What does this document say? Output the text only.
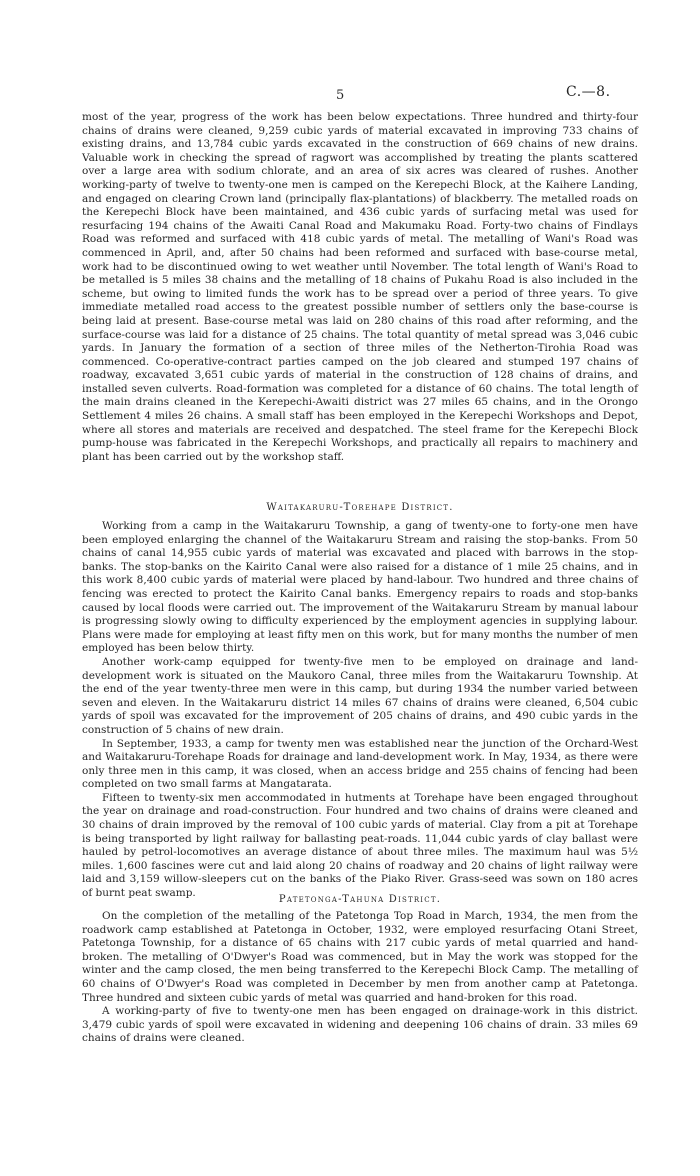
5	C.—8.

most of the year, progress of the work has been below expectations. Three hundred and thirty-four chains of drains were cleaned, 9,259 cubic yards of material excavated in improving 733 chains of existing drains, and 13,784 cubic yards excavated in the construction of 669 chains of new drains. Valuable work in checking the spread of ragwort was accomplished by treating the plants scattered over a large area with sodium chlorate, and an area of six acres was cleared of rushes. Another working-party of twelve to twenty-one men is camped on the Kerepechi Block, at the Kaihere Landing, and engaged on clearing Crown land (principally flax-plantations) of blackberry. The metalled roads on the Kerepechi Block have been maintained, and 436 cubic yards of surfacing metal was used for resurfacing 194 chains of the Awaiti Canal Road and Makumaku Road. Forty-two chains of Findlays Road was reformed and surfaced with 418 cubic yards of metal. The metalling of Wani's Road was commenced in April, and, after 50 chains had been reformed and surfaced with base-course metal, work had to be discontinued owing to wet weather until November. The total length of Wani's Road to be metalled is 5 miles 38 chains and the metalling of 18 chains of Pukahu Road is also included in the scheme, but owing to limited funds the work has to be spread over a period of three years. To give immediate metalled road access to the greatest possible number of settlers only the base-course is being laid at present. Base-course metal was laid on 280 chains of this road after reforming, and the surface-course was laid for a distance of 25 chains. The total quantity of metal spread was 3,046 cubic yards. In January the formation of a section of three miles of the Netherton-Tirohia Road was commenced. Co-operative-contract parties camped on the job cleared and stumped 197 chains of roadway, excavated 3,651 cubic yards of material in the construction of 128 chains of drains, and installed seven culverts. Road-formation was completed for a distance of 60 chains. The total length of the main drains cleaned in the Kerepechi-Awaiti district was 27 miles 65 chains, and in the Orongo Settlement 4 miles 26 chains. A small staff has been employed in the Kerepechi Workshops and Depot, where all stores and materials are received and despatched. The steel frame for the Kerepechi Block pump-house was fabricated in the Kerepechi Workshops, and practically all repairs to machinery and plant has been carried out by the workshop staff.

Waitakaruru-Torehape District.

Working from a camp in the Waitakaruru Township, a gang of twenty-one to forty-one men have been employed enlarging the channel of the Waitakaruru Stream and raising the stop-banks. From 50 chains of canal 14,955 cubic yards of material was excavated and placed with barrows in the stop-banks. The stop-banks on the Kairito Canal were also raised for a distance of 1 mile 25 chains, and in this work 8,400 cubic yards of material were placed by hand-labour. Two hundred and three chains of fencing was erected to protect the Kairito Canal banks. Emergency repairs to roads and stop-banks caused by local floods were carried out. The improvement of the Waitakaruru Stream by manual labour is progressing slowly owing to difficulty experienced by the employment agencies in supplying labour. Plans were made for employing at least fifty men on this work, but for many months the number of men employed has been below thirty.

Another work-camp equipped for twenty-five men to be employed on drainage and land-development work is situated on the Maukoro Canal, three miles from the Waitakaruru Township. At the end of the year twenty-three men were in this camp, but during 1934 the number varied between seven and eleven. In the Waitakaruru district 14 miles 67 chains of drains were cleaned, 6,504 cubic yards of spoil was excavated for the improvement of 205 chains of drains, and 490 cubic yards in the construction of 5 chains of new drain.

In September, 1933, a camp for twenty men was established near the junction of the Orchard-West and Waitakaruru-Torehape Roads for drainage and land-development work. In May, 1934, as there were only three men in this camp, it was closed, when an access bridge and 255 chains of fencing had been completed on two small farms at Mangatarata.

Fifteen to twenty-six men accommodated in hutments at Torehape have been engaged throughout the year on drainage and road-construction. Four hundred and two chains of drains were cleaned and 30 chains of drain improved by the removal of 100 cubic yards of material. Clay from a pit at Torehape is being transported by light railway for ballasting peat-roads. 11,044 cubic yards of clay ballast were hauled by petrol-locomotives an average distance of about three miles. The maximum haul was 5½ miles. 1,600 fascines were cut and laid along 20 chains of roadway and 20 chains of light railway were laid and 3,159 willow-sleepers cut on the banks of the Piako River. Grass-seed was sown on 180 acres of burnt peat swamp.

Patetonga-Tahuna District.

On the completion of the metalling of the Patetonga Top Road in March, 1934, the men from the roadwork camp established at Patetonga in October, 1932, were employed resurfacing Otani Street, Patetonga Township, for a distance of 65 chains with 217 cubic yards of metal quarried and hand-broken. The metalling of O'Dwyer's Road was commenced, but in May the work was stopped for the winter and the camp closed, the men being transferred to the Kerepechi Block Camp. The metalling of 60 chains of O'Dwyer's Road was completed in December by men from another camp at Patetonga. Three hundred and sixteen cubic yards of metal was quarried and hand-broken for this road.

A working-party of five to twenty-one men has been engaged on drainage-work in this district. 3,479 cubic yards of spoil were excavated in widening and deepening 106 chains of drain. 33 miles 69 chains of drains were cleaned.
